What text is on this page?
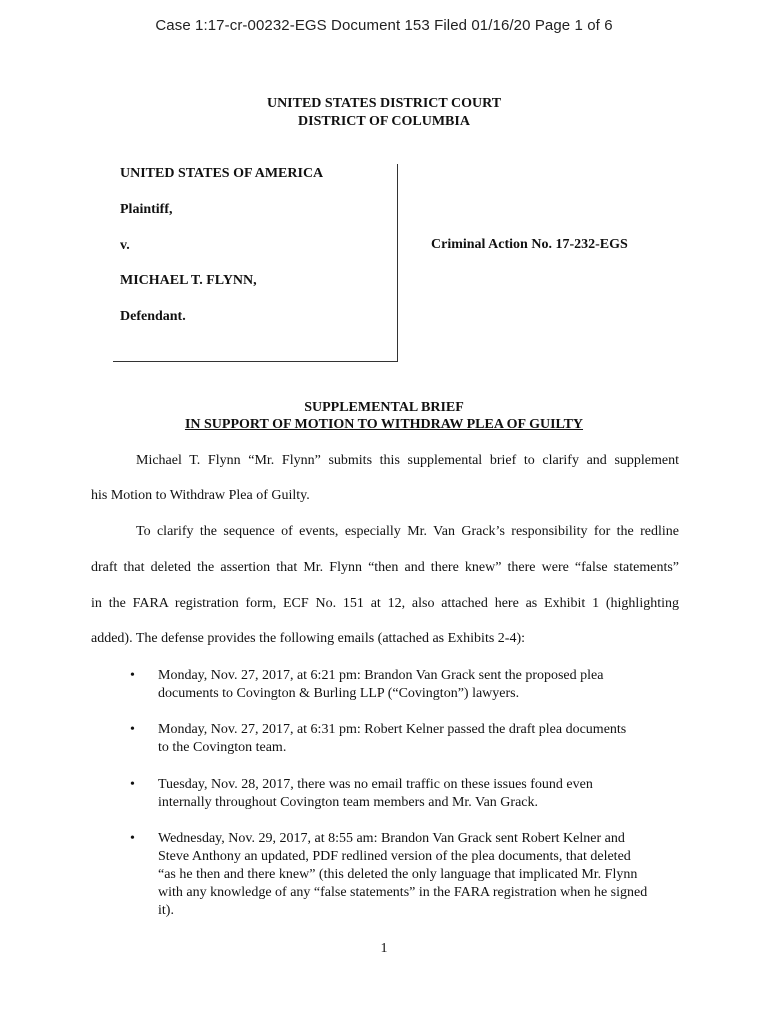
Case 1:17-cr-00232-EGS Document 153 Filed 01/16/20 Page 1 of 6
UNITED STATES DISTRICT COURT
DISTRICT OF COLUMBIA
UNITED STATES OF AMERICA
Plaintiff,
v.
MICHAEL T. FLYNN,
Defendant.
Criminal Action No. 17-232-EGS
SUPPLEMENTAL BRIEF
IN SUPPORT OF MOTION TO WITHDRAW PLEA OF GUILTY
Michael T. Flynn “Mr. Flynn” submits this supplemental brief to clarify and supplement
his Motion to Withdraw Plea of Guilty.
To clarify the sequence of events, especially Mr. Van Grack’s responsibility for the redline
draft that deleted the assertion that Mr. Flynn “then and there knew” there were “false statements”
in the FARA registration form, ECF No. 151 at 12, also attached here as Exhibit 1 (highlighting
added). The defense provides the following emails (attached as Exhibits 2-4):
• Monday, Nov. 27, 2017, at 6:21 pm: Brandon Van Grack sent the proposed plea
documents to Covington & Burling LLP (“Covington”) lawyers.
• Monday, Nov. 27, 2017, at 6:31 pm: Robert Kelner passed the draft plea documents
to the Covington team.
• Tuesday, Nov. 28, 2017, there was no email traffic on these issues found even
internally throughout Covington team members and Mr. Van Grack.
• Wednesday, Nov. 29, 2017, at 8:55 am: Brandon Van Grack sent Robert Kelner and
Steve Anthony an updated, PDF redlined version of the plea documents, that deleted
“as he then and there knew” (this deleted the only language that implicated Mr. Flynn
with any knowledge of any “false statements” in the FARA registration when he signed
it).
1
